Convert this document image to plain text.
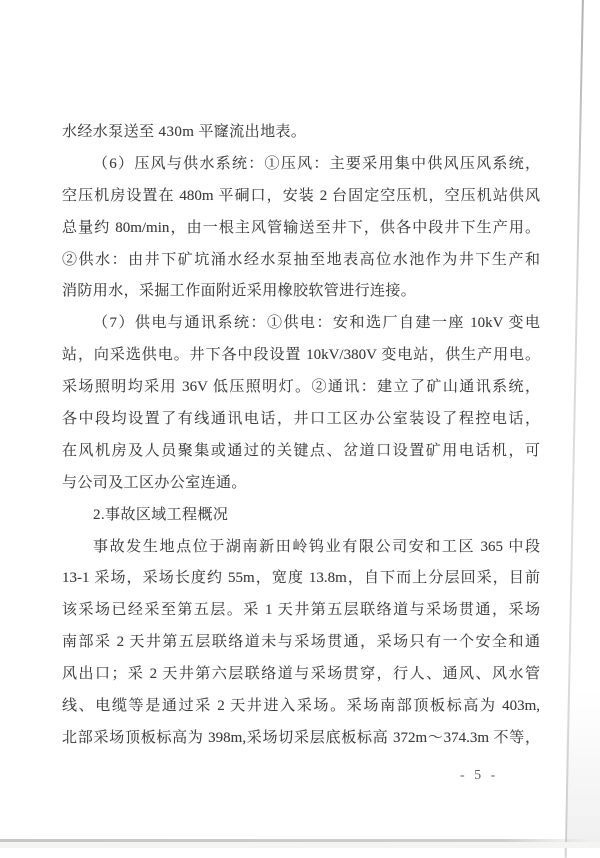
水经水泵送至 430m 平窿流出地表。
（6）压风与供水系统：①压风：主要采用集中供风压风系统，
空压机房设置在 480m 平硐口，安装 2 台固定空压机，空压机站供风
总量约 80m/min，由一根主风管输送至井下，供各中段井下生产用。
②供水：由井下矿坑涌水经水泵抽至地表高位水池作为井下生产和
消防用水，采掘工作面附近采用橡胶软管进行连接。
（7）供电与通讯系统：①供电：安和选厂自建一座 10kV 变电
站，向采选供电。井下各中段设置 10kV/380V 变电站，供生产用电。
采场照明均采用 36V 低压照明灯。②通讯：建立了矿山通讯系统，
各中段均设置了有线通讯电话，井口工区办公室装设了程控电话，
在风机房及人员聚集或通过的关键点、岔道口设置矿用电话机，可
与公司及工区办公室连通。
2.事故区域工程概况
事故发生地点位于湖南新田岭钨业有限公司安和工区 365 中段
13-1 采场，采场长度约 55m，宽度 13.8m，自下而上分层回采，目前
该采场已经采至第五层。采 1 天井第五层联络道与采场贯通，采场
南部采 2 天井第五层联络道未与采场贯通，采场只有一个安全和通
风出口；采 2 天井第六层联络道与采场贯穿，行人、通风、风水管
线、电缆等是通过采 2 天井进入采场。采场南部顶板标高为 403m,
北部采场顶板标高为 398m,采场切采层底板标高 372m～374.3m 不等，
- 5 -
